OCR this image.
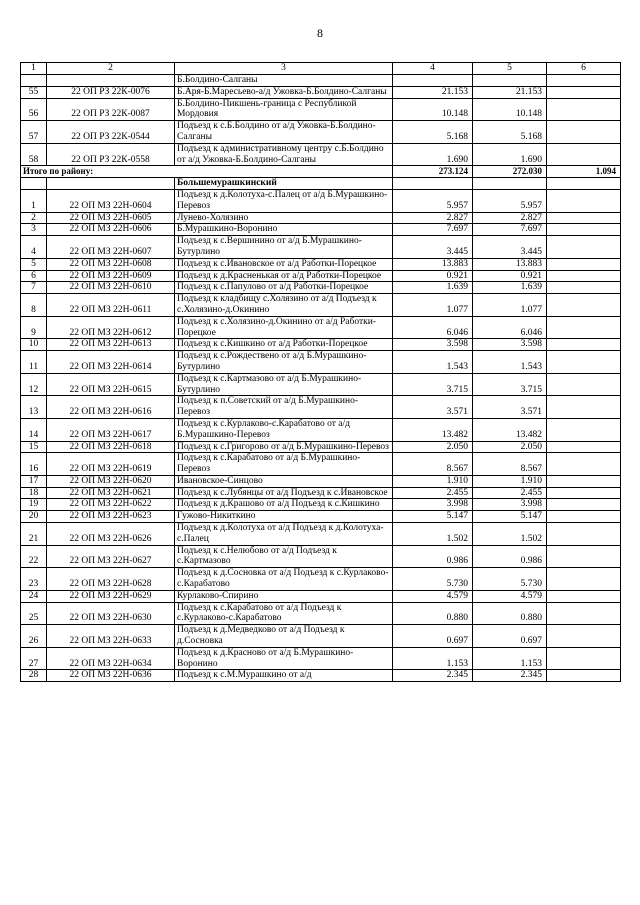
8
1	2	3	4	5	6
		Б.Болдино-Салганы			
55	22 ОП РЗ 22К-0076	Б.Аря-Б.Маресьево-а/д Ужовка-Б.Болдино-Салганы	21.153	21.153	
56	22 ОП РЗ 22К-0087	Б.Болдино-Пикшень-граница с Республикой Мордовия	10.148	10.148	
57	22 ОП РЗ 22К-0544	Подъезд к с.Б.Болдино от а/д Ужовка-Б.Болдино-Салганы	5.168	5.168	
58	22 ОП РЗ 22К-0558	Подъезд к административному центру с.Б.Болдино от а/д Ужовка-Б.Болдино-Салганы	1.690	1.690	
Итого по району:			273.124	272.030	1.094
		Большемурашкинский			
1	22 ОП МЗ 22Н-0604	Подъезд к д.Колотуха-с.Палец от а/д Б.Мурашкино-Перевоз	5.957	5.957	
2	22 ОП МЗ 22Н-0605	Лунево-Холязино	2.827	2.827	
3	22 ОП МЗ 22Н-0606	Б.Мурашкино-Воронино	7.697	7.697	
4	22 ОП МЗ 22Н-0607	Подъезд к с.Вершинино от а/д Б.Мурашкино-Бутурлино	3.445	3.445	
5	22 ОП МЗ 22Н-0608	Подъезд к с.Ивановское от а/д Работки-Порецкое	13.883	13.883	
6	22 ОП МЗ 22Н-0609	Подъезд к д.Красненькая от а/д Работки-Порецкое	0.921	0.921	
7	22 ОП МЗ 22Н-0610	Подъезд к с.Папулово от а/д Работки-Порецкое	1.639	1.639	
8	22 ОП МЗ 22Н-0611	Подъезд к кладбищу с.Холязино от а/д Подъезд к с.Холязино-д.Окинино	1.077	1.077	
9	22 ОП МЗ 22Н-0612	Подъезд к с.Холязино-д.Окинино от а/д Работки-Порецкое	6.046	6.046	
10	22 ОП МЗ 22Н-0613	Подъезд к с.Кишкино от а/д Работки-Порецкое	3.598	3.598	
11	22 ОП МЗ 22Н-0614	Подъезд к с.Рождествено от а/д Б.Мурашкино-Бутурлино	1.543	1.543	
12	22 ОП МЗ 22Н-0615	Подъезд к с.Картмазово от а/д Б.Мурашкино-Бутурлино	3.715	3.715	
13	22 ОП МЗ 22Н-0616	Подъезд к п.Советский от а/д Б.Мурашкино-Перевоз	3.571	3.571	
14	22 ОП МЗ 22Н-0617	Подъезд к с.Курлаково-с.Карабатово от а/д Б.Мурашкино-Перевоз	13.482	13.482	
15	22 ОП МЗ 22Н-0618	Подъезд к с.Григорово от а/д Б.Мурашкино-Перевоз	2.050	2.050	
16	22 ОП МЗ 22Н-0619	Подъезд к с.Карабатово от а/д Б.Мурашкино-Перевоз	8.567	8.567	
17	22 ОП МЗ 22Н-0620	Ивановское-Синцово	1.910	1.910	
18	22 ОП МЗ 22Н-0621	Подъезд к с.Лубянцы от а/д Подъезд к с.Ивановское	2.455	2.455	
19	22 ОП МЗ 22Н-0622	Подъезд к д.Крашово от а/д Подъезд к с.Кишкино	3.998	3.998	
20	22 ОП МЗ 22Н-0623	Гужово-Никиткино	5.147	5.147	
21	22 ОП МЗ 22Н-0626	Подъезд к д.Колотуха от а/д Подъезд к д.Колотуха-с.Палец	1.502	1.502	
22	22 ОП МЗ 22Н-0627	Подъезд к с.Нелюбово от а/д Подъезд к с.Картмазово	0.986	0.986	
23	22 ОП МЗ 22Н-0628	Подъезд к д.Сосновка от а/д Подъезд к с.Курлаково-с.Карабатово	5.730	5.730	
24	22 ОП МЗ 22Н-0629	Курлаково-Спирино	4.579	4.579	
25	22 ОП МЗ 22Н-0630	Подъезд к с.Карабатово от а/д Подъезд к с.Курлаково-с.Карабатово	0.880	0.880	
26	22 ОП МЗ 22Н-0633	Подъезд к д.Медведково от а/д Подъезд к д.Сосновка	0.697	0.697	
27	22 ОП МЗ 22Н-0634	Подъезд к д.Красново от а/д Б.Мурашкино-Воронино	1.153	1.153	
28	22 ОП МЗ 22Н-0636	Подъезд к с.М.Мурашкино от а/д	2.345	2.345	
